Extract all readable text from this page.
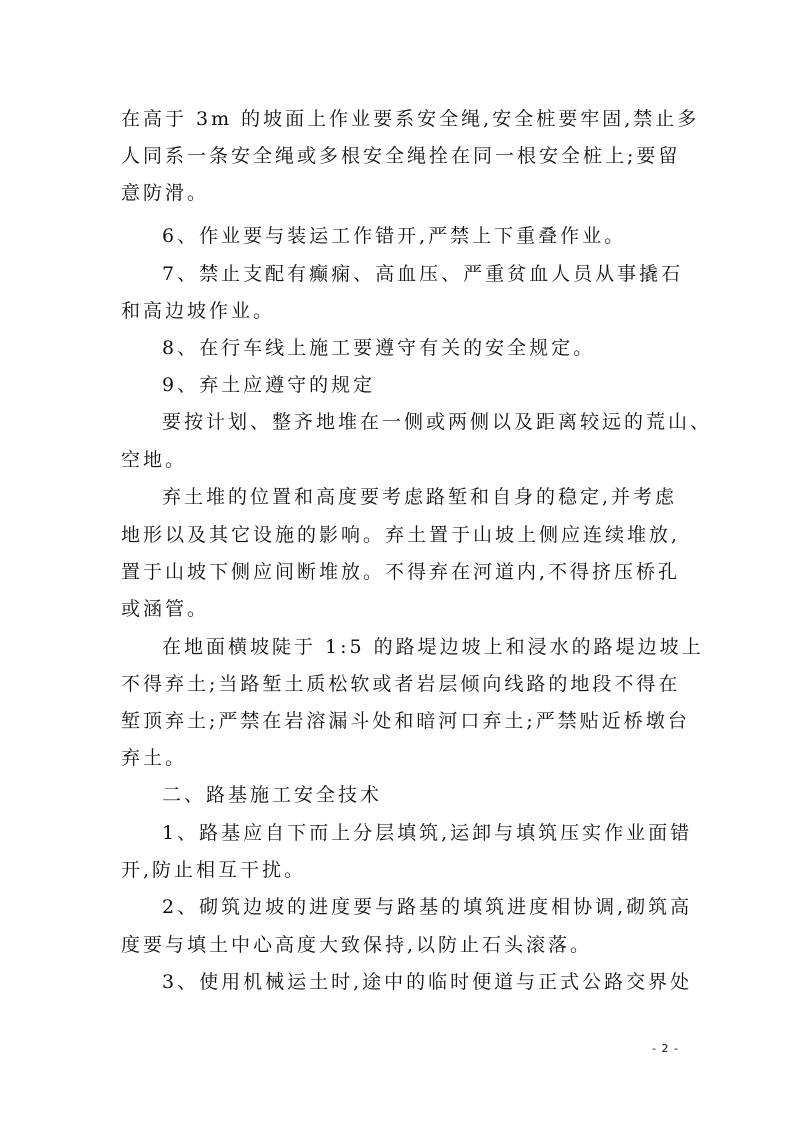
在高于 3m 的坡面上作业要系安全绳,安全桩要牢固,禁止多
人同系一条安全绳或多根安全绳拴在同一根安全桩上;要留
意防滑。
6、作业要与装运工作错开,严禁上下重叠作业。
7、禁止支配有癫痫、高血压、严重贫血人员从事撬石
和高边坡作业。
8、在行车线上施工要遵守有关的安全规定。
9、弃土应遵守的规定
要按计划、整齐地堆在一侧或两侧以及距离较远的荒山、
空地。
弃土堆的位置和高度要考虑路堑和自身的稳定,并考虑
地形以及其它设施的影响。弃土置于山坡上侧应连续堆放,
置于山坡下侧应间断堆放。不得弃在河道内,不得挤压桥孔
或涵管。
在地面横坡陡于 1:5 的路堤边坡上和浸水的路堤边坡上
不得弃土;当路堑土质松软或者岩层倾向线路的地段不得在
堑顶弃土;严禁在岩溶漏斗处和暗河口弃土;严禁贴近桥墩台
弃土。
二、路基施工安全技术
1、路基应自下而上分层填筑,运卸与填筑压实作业面错
开,防止相互干扰。
2、砌筑边坡的进度要与路基的填筑进度相协调,砌筑高
度要与填土中心高度大致保持,以防止石头滚落。
3、使用机械运土时,途中的临时便道与正式公路交界处
- 2 -
